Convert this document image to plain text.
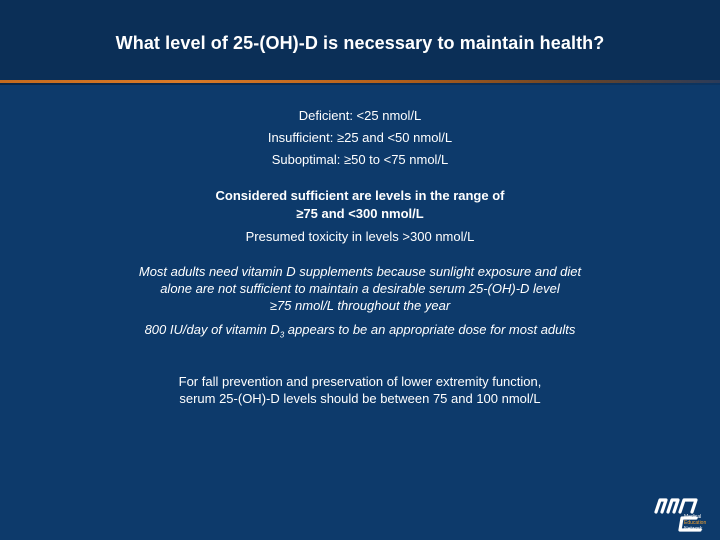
What level of 25-(OH)-D is necessary to maintain health?
Deficient: <25 nmol/L
Insufficient: ≥25 and <50 nmol/L
Suboptimal: ≥50 to <75 nmol/L
Considered sufficient are levels in the range of
≥75 and <300 nmol/L
Presumed toxicity in levels >300 nmol/L
Most adults need vitamin D supplements because sunlight exposure and diet
alone are not sufficient to maintain a desirable serum 25-(OH)-D level
≥75 nmol/L throughout the year
800 IU/day of vitamin $D_3$ appears to be an appropriate dose for most adults
For fall prevention and preservation of lower extremity function,
serum 25-(OH)-D levels should be between 75 and 100 nmol/L
Medical
Education
Network
